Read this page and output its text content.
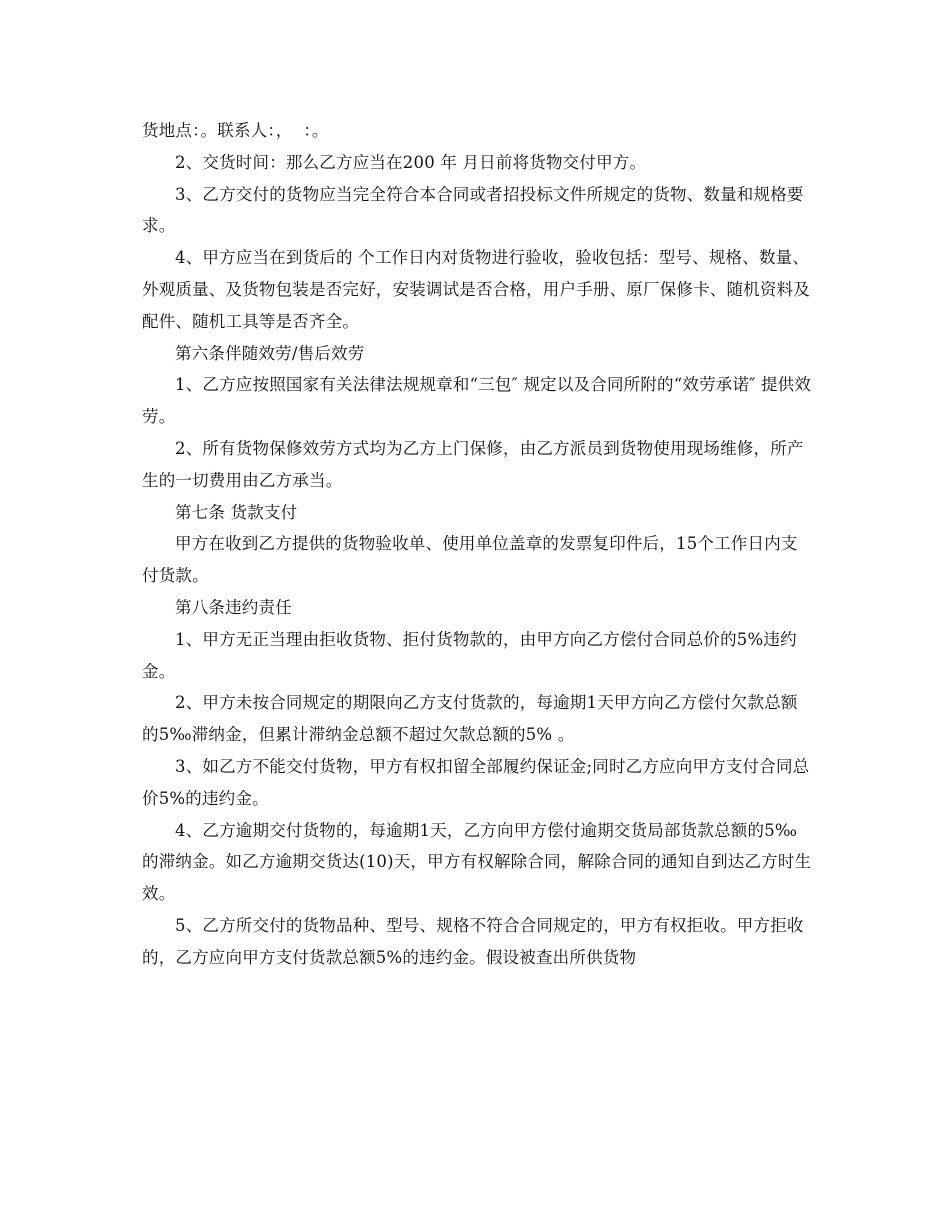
货地点：。联系人：，  ：。

2、交货时间：那么乙方应当在200 年 月日前将货物交付甲方。

3、乙方交付的货物应当完全符合本合同或者招投标文件所规定的货物、数量和规格要求。

4、甲方应当在到货后的 个工作日内对货物进行验收，验收包括：型号、规格、数量、外观质量、及货物包装是否完好，安装调试是否合格，用户手册、原厂保修卡、随机资料及配件、随机工具等是否齐全。

第六条伴随效劳/售后效劳

1、乙方应按照国家有关法律法规规章和“三包″ 规定以及合同所附的“效劳承诺″ 提供效劳。

2、所有货物保修效劳方式均为乙方上门保修，由乙方派员到货物使用现场维修，所产生的一切费用由乙方承当。

第七条 货款支付

甲方在收到乙方提供的货物验收单、使用单位盖章的发票复印件后，15个工作日内支付货款。

第八条违约责任

1、甲方无正当理由拒收货物、拒付货物款的，由甲方向乙方偿付合同总价的5%违约金。

2、甲方未按合同规定的期限向乙方支付货款的，每逾期1天甲方向乙方偿付欠款总额的5‰滞纳金，但累计滞纳金总额不超过欠款总额的5% 。

3、如乙方不能交付货物，甲方有权扣留全部履约保证金;同时乙方应向甲方支付合同总价5%的违约金。

4、乙方逾期交付货物的，每逾期1天，乙方向甲方偿付逾期交货局部货款总额的5‰的滞纳金。如乙方逾期交货达(10)天，甲方有权解除合同，解除合同的通知自到达乙方时生效。

5、乙方所交付的货物品种、型号、规格不符合合同规定的，甲方有权拒收。甲方拒收的，乙方应向甲方支付货款总额5%的违约金。假设被查出所供货物
